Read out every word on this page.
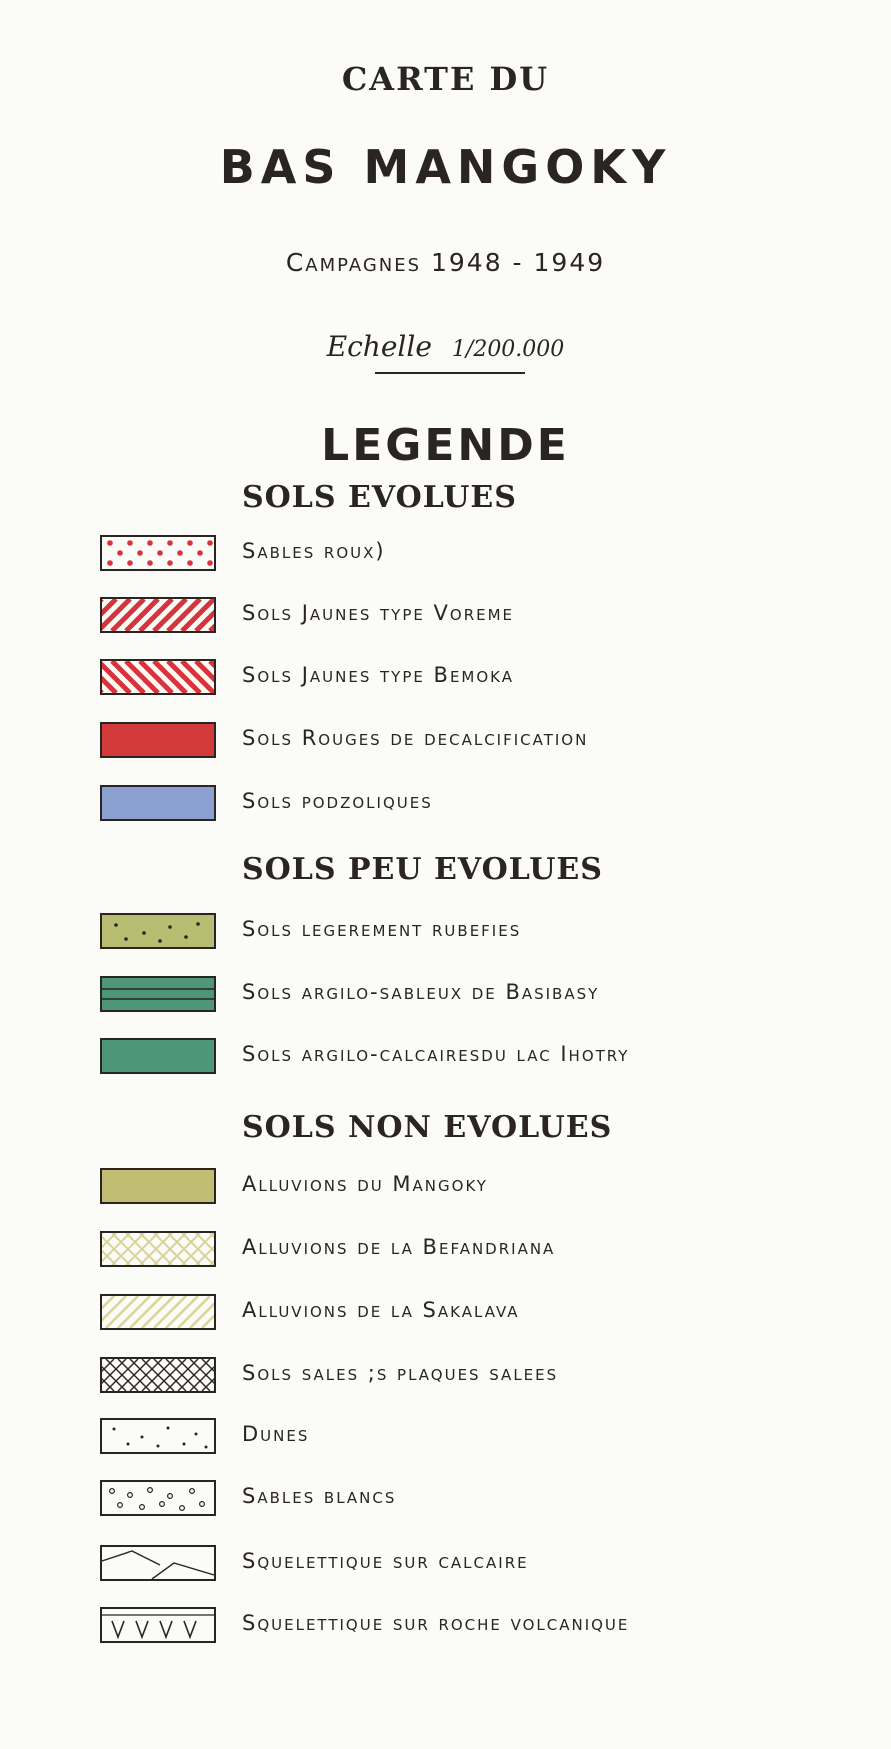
CARTE DU
BAS MANGOKY
Campagnes 1948 - 1949
Echelle 1/200.000
LEGENDE
SOLS EVOLUES
Sables roux)
Sols Jaunes type Voreme
Sols Jaunes type Bemoka
Sols Rouges de decalcification
Sols podzoliques
SOLS PEU EVOLUES
Sols legerement rubefies
Sols argilo-sableux de Basibasy
Sols argilo-calcairesdu lac Ihotry
SOLS NON EVOLUES
Alluvions du Mangoky
Alluvions de la Befandriana
Alluvions de la Sakalava
Sols sales ;s plaques salees
Dunes
Sables blancs
Squelettique sur calcaire
Squelettique sur roche volcanique
